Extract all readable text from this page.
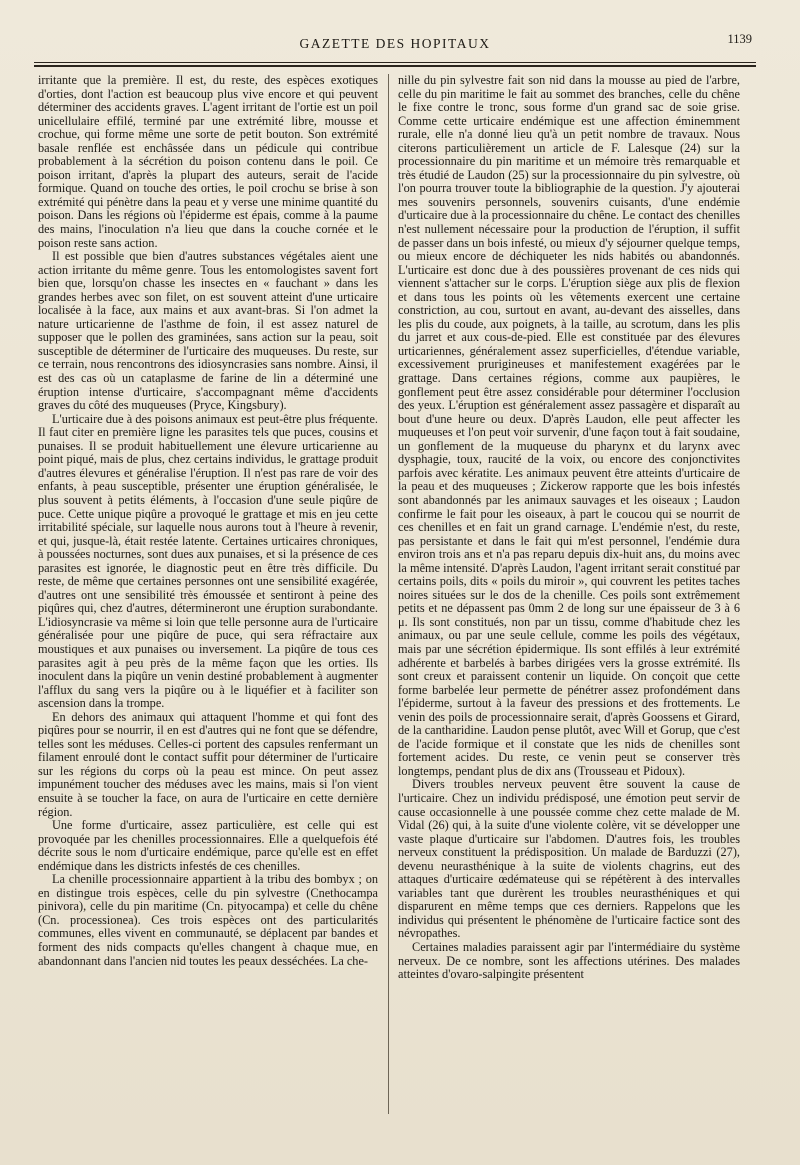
GAZETTE DES HOPITAUX	1139

irritante que la première. Il est, du reste, des espèces exotiques d'orties, dont l'action est beaucoup plus vive encore et qui peuvent déterminer des accidents graves. L'agent irritant de l'ortie est un poil unicellulaire effilé, terminé par une extrémité libre, mousse et crochue, qui forme même une sorte de petit bouton. Son extrémité basale renflée est enchâssée dans un pédicule qui contribue probablement à la sécrétion du poison contenu dans le poil. Ce poison irritant, d'après la plupart des auteurs, serait de l'acide formique. Quand on touche des orties, le poil crochu se brise à son extrémité qui pénètre dans la peau et y verse une minime quantité du poison. Dans les régions où l'épiderme est épais, comme à la paume des mains, l'inoculation n'a lieu que dans la couche cornée et le poison reste sans action.

Il est possible que bien d'autres substances végétales aient une action irritante du même genre. Tous les entomologistes savent fort bien que, lorsqu'on chasse les insectes en « fauchant » dans les grandes herbes avec son filet, on est souvent atteint d'une urticaire localisée à la face, aux mains et aux avant-bras. Si l'on admet la nature urticarienne de l'asthme de foin, il est assez naturel de supposer que le pollen des graminées, sans action sur la peau, soit susceptible de déterminer de l'urticaire des muqueuses. Du reste, sur ce terrain, nous rencontrons des idiosyncrasies sans nombre. Ainsi, il est des cas où un cataplasme de farine de lin a déterminé une éruption intense d'urticaire, s'accompagnant même d'accidents graves du côté des muqueuses (Pryce, Kingsbury).

L'urticaire due à des poisons animaux est peut-être plus fréquente. Il faut citer en première ligne les parasites tels que puces, cousins et punaises. Il se produit habituellement une élevure urticarienne au point piqué, mais de plus, chez certains individus, le grattage produit d'autres élevures et généralise l'éruption. Il n'est pas rare de voir des enfants, à peau susceptible, présenter une éruption généralisée, le plus souvent à petits éléments, à l'occasion d'une seule piqûre de puce. Cette unique piqûre a provoqué le grattage et mis en jeu cette irritabilité spéciale, sur laquelle nous aurons tout à l'heure à revenir, et qui, jusque-là, était restée latente. Certaines urticaires chroniques, à poussées nocturnes, sont dues aux punaises, et si la présence de ces parasites est ignorée, le diagnostic peut en être très difficile. Du reste, de même que certaines personnes ont une sensibilité exagérée, d'autres ont une sensibilité très émoussée et sentiront à peine des piqûres qui, chez d'autres, détermineront une éruption surabondante. L'idiosyncrasie va même si loin que telle personne aura de l'urticaire généralisée pour une piqûre de puce, qui sera réfractaire aux moustiques et aux punaises ou inversement. La piqûre de tous ces parasites agit à peu près de la même façon que les orties. Ils inoculent dans la piqûre un venin destiné probablement à augmenter l'afflux du sang vers la piqûre ou à le liquéfier et à faciliter son ascension dans la trompe.

En dehors des animaux qui attaquent l'homme et qui font des piqûres pour se nourrir, il en est d'autres qui ne font que se défendre, telles sont les méduses. Celles-ci portent des capsules renfermant un filament enroulé dont le contact suffit pour déterminer de l'urticaire sur les régions du corps où la peau est mince. On peut assez impunément toucher des méduses avec les mains, mais si l'on vient ensuite à se toucher la face, on aura de l'urticaire en cette dernière région.

Une forme d'urticaire, assez particulière, est celle qui est provoquée par les chenilles processionnaires. Elle a quelquefois été décrite sous le nom d'urticaire endémique, parce qu'elle est en effet endémique dans les districts infestés de ces chenilles.

La chenille processionnaire appartient à la tribu des bombyx ; on en distingue trois espèces, celle du pin sylvestre (Cnethocampa pinivora), celle du pin maritime (Cn. pityocampa) et celle du chêne (Cn. processionea). Ces trois espèces ont des particularités communes, elles vivent en communauté, se déplacent par bandes et forment des nids compacts qu'elles changent à chaque mue, en abandonnant dans l'ancien nid toutes les peaux desséchées. La che-

nille du pin sylvestre fait son nid dans la mousse au pied de l'arbre, celle du pin maritime le fait au sommet des branches, celle du chêne le fixe contre le tronc, sous forme d'un grand sac de soie grise. Comme cette urticaire endémique est une affection éminemment rurale, elle n'a donné lieu qu'à un petit nombre de travaux. Nous citerons particulièrement un article de F. Lalesque (24) sur la processionnaire du pin maritime et un mémoire très remarquable et très étudié de Laudon (25) sur la processionnaire du pin sylvestre, où l'on pourra trouver toute la bibliographie de la question. J'y ajouterai mes souvenirs personnels, souvenirs cuisants, d'une endémie d'urticaire due à la processionnaire du chêne. Le contact des chenilles n'est nullement nécessaire pour la production de l'éruption, il suffit de passer dans un bois infesté, ou mieux d'y séjourner quelque temps, ou mieux encore de déchiqueter les nids habités ou abandonnés. L'urticaire est donc due à des poussières provenant de ces nids qui viennent s'attacher sur le corps. L'éruption siège aux plis de flexion et dans tous les points où les vêtements exercent une certaine constriction, au cou, surtout en avant, au-devant des aisselles, dans les plis du coude, aux poignets, à la taille, au scrotum, dans les plis du jarret et aux cous-de-pied. Elle est constituée par des élevures urticariennes, généralement assez superficielles, d'étendue variable, excessivement prurigineuses et manifestement exagérées par le grattage. Dans certaines régions, comme aux paupières, le gonflement peut être assez considérable pour déterminer l'occlusion des yeux. L'éruption est généralement assez passagère et disparaît au bout d'une heure ou deux. D'après Laudon, elle peut affecter les muqueuses et l'on peut voir survenir, d'une façon tout à fait soudaine, un gonflement de la muqueuse du pharynx et du larynx avec dysphagie, toux, raucité de la voix, ou encore des conjonctivites parfois avec kératite. Les animaux peuvent être atteints d'urticaire de la peau et des muqueuses ; Zickerow rapporte que les bois infestés sont abandonnés par les animaux sauvages et les oiseaux ; Laudon confirme le fait pour les oiseaux, à part le coucou qui se nourrit de ces chenilles et en fait un grand carnage. L'endémie n'est, du reste, pas persistante et dans le fait qui m'est personnel, l'endémie dura environ trois ans et n'a pas reparu depuis dix-huit ans, du moins avec la même intensité. D'après Laudon, l'agent irritant serait constitué par certains poils, dits « poils du miroir », qui couvrent les petites taches noires situées sur le dos de la chenille. Ces poils sont extrêmement petits et ne dépassent pas 0mm 2 de long sur une épaisseur de 3 à 6 μ. Ils sont constitués, non par un tissu, comme d'habitude chez les animaux, ou par une seule cellule, comme les poils des végétaux, mais par une sécrétion épidermique. Ils sont effilés à leur extrémité adhérente et barbelés à barbes dirigées vers la grosse extrémité. Ils sont creux et paraissent contenir un liquide. On conçoit que cette forme barbelée leur permette de pénétrer assez profondément dans l'épiderme, surtout à la faveur des pressions et des frottements. Le venin des poils de processionnaire serait, d'après Goossens et Girard, de la cantharidine. Laudon pense plutôt, avec Will et Gorup, que c'est de l'acide formique et il constate que les nids de chenilles sont fortement acides. Du reste, ce venin peut se conserver très longtemps, pendant plus de dix ans (Trousseau et Pidoux).

Divers troubles nerveux peuvent être souvent la cause de l'urticaire. Chez un individu prédisposé, une émotion peut servir de cause occasionnelle à une poussée comme chez cette malade de M. Vidal (26) qui, à la suite d'une violente colère, vit se développer une vaste plaque d'urticaire sur l'abdomen. D'autres fois, les troubles nerveux constituent la prédisposition. Un malade de Barduzzi (27), devenu neurasthénique à la suite de violents chagrins, eut des attaques d'urticaire œdémateuse qui se répétèrent à des intervalles variables tant que durèrent les troubles neurasthéniques et qui disparurent en même temps que ces derniers. Rappelons que les individus qui présentent le phénomène de l'urticaire factice sont des névropathes.

Certaines maladies paraissent agir par l'intermédiaire du système nerveux. De ce nombre, sont les affections utérines. Des malades atteintes d'ovaro-salpingite présentent
